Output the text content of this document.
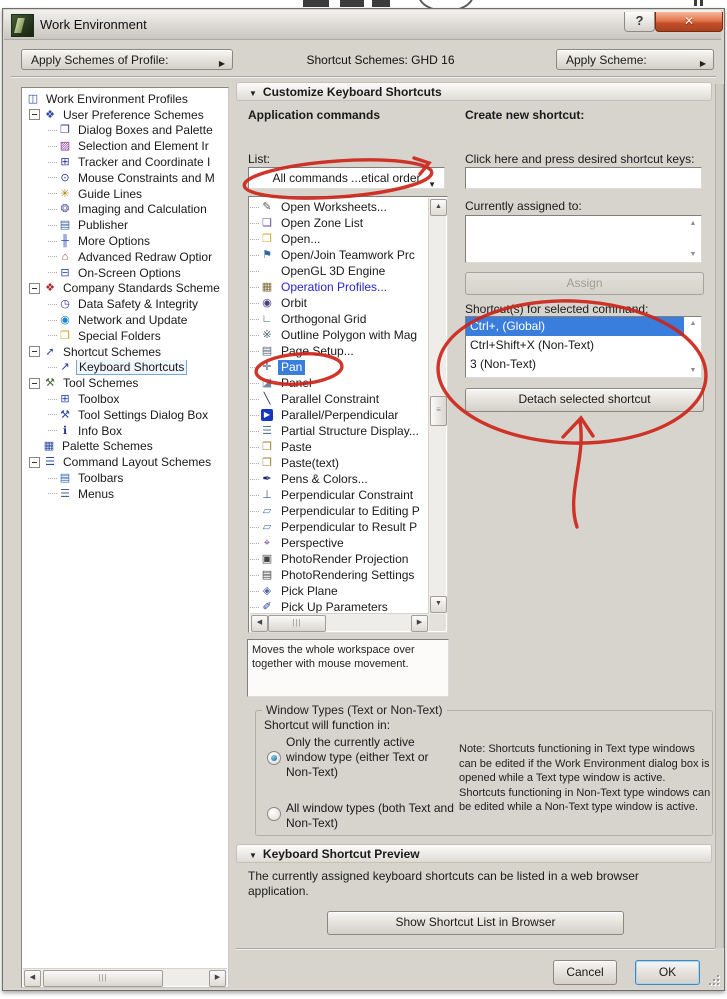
Work Environment	?	✕
Apply Schemes of Profile:	▶	Shortcut Schemes: GHD 16	Apply Scheme:	▶
◫ Work Environment Profiles
❖ User Preference Schemes
❐ Dialog Boxes and Palette
▨ Selection and Element Ir
⊞ Tracker and Coordinate I
⊙ Mouse Constraints and M
✳ Guide Lines
❂ Imaging and Calculation
▤ Publisher
╫ More Options
⌂ Advanced Redraw Optior
⊟ On-Screen Options
❖ Company Standards Scheme
◷ Data Safety & Integrity
◉ Network and Update
❒ Special Folders
➚ Shortcut Schemes
↗ Keyboard Shortcuts
⚒ Tool Schemes
⊞ Toolbox
⚒ Tool Settings Dialog Box
ℹ Info Box
▦ Palette Schemes
☰ Command Layout Schemes
▤ Toolbars
☰ Menus
◀	|||	▶
▼ Customize Keyboard Shortcuts
Application commands	Create new shortcut:
List:
All commands ...etical order ▼
✎ Open Worksheets...
❏ Open Zone List
❒ Open...
⚑ Open/Join Teamwork Prc
OpenGL 3D Engine
▦ Operation Profiles...
◉ Orbit
∟ Orthogonal Grid
※ Outline Polygon with Mag
▤ Page Setup...
✛ Pan
◪ Panel
╲ Parallel Constraint
▶ Parallel/Perpendicular
☰ Partial Structure Display...
❒ Paste
❒ Paste(text)
✒ Pens & Colors...
⊥ Perpendicular Constraint
▱ Perpendicular to Editing P
▱ Perpendicular to Result P
⌖ Perspective
▣ PhotoRender Projection
▤ PhotoRendering Settings
◈ Pick Plane
✐ Pick Up Parameters
▲
≡
▼
◀	|||	▶
Moves the whole workspace over together with mouse movement.
Click here and press desired shortcut keys:
Currently assigned to:
▲
▼
Assign
Shortcut(s) for selected command:
Ctrl+, (Global)
Ctrl+Shift+X (Non-Text)
3 (Non-Text)
▲
▼
Detach selected shortcut
Window Types (Text or Non-Text)
Shortcut will function in:
Only the currently active window type (either Text or Non-Text)
All window types (both Text and Non-Text)
Note: Shortcuts functioning in Text type windows can be edited if the Work Environment dialog box is opened while a Text type window is active. Shortcuts functioning in Non-Text type windows can be edited while a Non-Text type window is active.
▼ Keyboard Shortcut Preview
The currently assigned keyboard shortcuts can be listed in a web browser application.
Show Shortcut List in Browser
Cancel	OK
